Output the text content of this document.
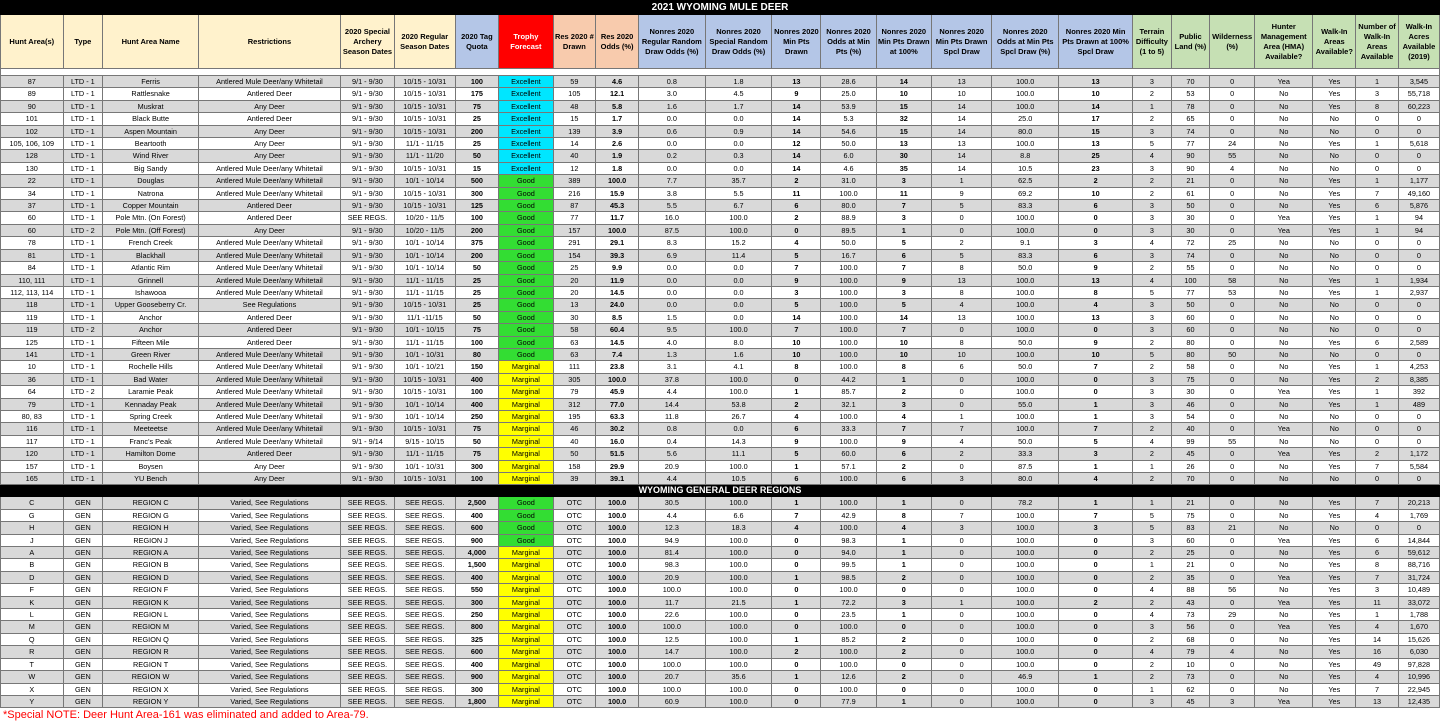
2021 WYOMING MULE DEER																								
Hunt Area(s)	Type	Hunt Area Name	Restrictions	2020 Special Archery Season Dates	2020 Regular Season Dates	2020 Tag Quota	Trophy Forecast	Res 2020 # Drawn	Res 2020 Odds (%)	Nonres 2020 Regular Random Draw Odds (%)	Nonres 2020 Special Random Draw Odds (%)	Nonres 2020 Min Pts Drawn	Nonres 2020 Odds at Min Pts (%)	Nonres 2020 Min Pts Drawn at 100%	Nonres 2020 Min Pts Drawn Spcl Draw	Nonres 2020 Odds at Min Pts Spcl Draw (%)	Nonres 2020 Min Pts Drawn at 100% Spcl Draw	Terrain Difficulty (1 to 5)	Public Land (%)	Wilderness (%)	Hunter Management Area (HMA) Available?	Walk-In Areas Available?	Number of Walk-In Areas Available	Walk-In Acres Available (2019)

87	LTD - 1	Ferris	Antlered Mule Deer/any Whitetail	9/1 - 9/30	10/15 - 10/31	100	Excellent	59	4.6	0.8	1.8	13	28.6	14	13	100.0	13	3	70	0	Yea	Yes	1	3,545
89	LTD - 1	Rattlesnake	Antlered Deer	9/1 - 9/30	10/15 - 10/31	175	Excellent	105	12.1	3.0	4.5	9	25.0	10	10	100.0	10	2	53	0	No	Yes	3	55,718
90	LTD - 1	Muskrat	Any Deer	9/1 - 9/30	10/15 - 10/31	75	Excellent	48	5.8	1.6	1.7	14	53.9	15	14	100.0	14	1	78	0	No	Yes	8	60,223
101	LTD - 1	Black Butte	Antlered Deer	9/1 - 9/30	10/15 - 10/31	25	Excellent	15	1.7	0.0	0.0	14	5.3	32	14	25.0	17	2	65	0	No	No	0	0
102	LTD - 1	Aspen Mountain	Any Deer	9/1 - 9/30	10/15 - 10/31	200	Excellent	139	3.9	0.6	0.9	14	54.6	15	14	80.0	15	3	74	0	No	No	0	0
105, 106, 109	LTD - 1	Beartooth	Any Deer	9/1 - 9/30	11/1 - 11/15	25	Excellent	14	2.6	0.0	0.0	12	50.0	13	13	100.0	13	5	77	24	No	Yes	1	5,618
128	LTD - 1	Wind River	Any Deer	9/1 - 9/30	11/1 - 11/20	50	Excellent	40	1.9	0.2	0.3	14	6.0	30	14	8.8	25	4	90	55	No	No	0	0
130	LTD - 1	Big Sandy	Antlered Mule Deer/any Whitetail	9/1 - 9/30	10/15 - 10/31	15	Excellent	12	1.8	0.0	0.0	14	4.6	35	14	10.5	23	3	90	4	No	No	0	0
22	LTD - 1	Douglas	Antlered Mule Deer/any Whitetail	9/1 - 9/30	10/1 - 10/14	500	Good	389	100.0	7.7	35.7	2	31.0	3	1	62.5	2	2	21	0	No	Yes	1	1,177
34	LTD - 1	Natrona	Antlered Mule Deer/any Whitetail	9/1 - 9/30	10/15 - 10/31	300	Good	216	15.9	3.8	5.5	11	100.0	11	9	69.2	10	2	61	0	No	Yes	7	49,160
37	LTD - 1	Copper Mountain	Antlered Deer	9/1 - 9/30	10/15 - 10/31	125	Good	87	45.3	5.5	6.7	6	80.0	7	5	83.3	6	3	50	0	No	Yes	6	5,876
60	LTD - 1	Pole Mtn. (On Forest)	Antlered Deer	SEE REGS.	10/20 - 11/5	100	Good	77	11.7	16.0	100.0	2	88.9	3	0	100.0	0	3	30	0	Yea	Yes	1	94
60	LTD - 2	Pole Mtn. (Off Forest)	Any Deer	9/1 - 9/30	10/20 - 11/5	200	Good	157	100.0	87.5	100.0	0	89.5	1	0	100.0	0	3	30	0	Yea	Yes	1	94
78	LTD - 1	French Creek	Antlered Mule Deer/any Whitetail	9/1 - 9/30	10/1 - 10/14	375	Good	291	29.1	8.3	15.2	4	50.0	5	2	9.1	3	4	72	25	No	No	0	0
81	LTD - 1	Blackhall	Antlered Mule Deer/any Whitetail	9/1 - 9/30	10/1 - 10/14	200	Good	154	39.3	6.9	11.4	5	16.7	6	5	83.3	6	3	74	0	No	No	0	0
84	LTD - 1	Atlantic Rim	Antlered Mule Deer/any Whitetail	9/1 - 9/30	10/1 - 10/14	50	Good	25	9.9	0.0	0.0	7	100.0	7	8	50.0	9	2	55	0	No	No	0	0
110, 111	LTD - 1	Grinnell	Antlered Mule Deer/any Whitetail	9/1 - 9/30	11/1 - 11/15	25	Good	20	11.9	0.0	0.0	9	100.0	9	13	100.0	13	4	100	58	No	Yes	1	1,934
112, 113, 114	LTD - 1	Ishawooa	Antlered Mule Deer/any Whitetail	9/1 - 9/30	11/1 - 11/15	25	Good	20	14.5	0.0	0.0	3	100.0	3	8	100.0	8	5	77	53	No	Yes	1	2,937
118	LTD - 1	Upper Gooseberry Cr.	See Regulations	9/1 - 9/30	10/15 - 10/31	25	Good	13	24.0	0.0	0.0	5	100.0	5	4	100.0	4	3	50	0	No	No	0	0
119	LTD - 1	Anchor	Antlered Deer	9/1 - 9/30	11/1 -11/15	50	Good	30	8.5	1.5	0.0	14	100.0	14	13	100.0	13	3	60	0	No	No	0	0
119	LTD - 2	Anchor	Antlered Deer	9/1 - 9/30	10/1 - 10/15	75	Good	58	60.4	9.5	100.0	7	100.0	7	0	100.0	0	3	60	0	No	No	0	0
125	LTD - 1	Fifteen Mile	Antlered Deer	9/1 - 9/30	11/1 - 11/15	100	Good	63	14.5	4.0	8.0	10	100.0	10	8	50.0	9	2	80	0	No	Yes	6	2,589
141	LTD - 1	Green River	Antlered Mule Deer/any Whitetail	9/1 - 9/30	10/1 - 10/31	80	Good	63	7.4	1.3	1.6	10	100.0	10	10	100.0	10	5	80	50	No	No	0	0
10	LTD - 1	Rochelle Hills	Antlered Mule Deer/any Whitetail	9/1 - 9/30	10/1 - 10/21	150	Marginal	111	23.8	3.1	4.1	8	100.0	8	6	50.0	7	2	58	0	No	Yes	1	4,253
36	LTD - 1	Bad Water	Antlered Mule Deer/any Whitetail	9/1 - 9/30	10/15 - 10/31	400	Marginal	305	100.0	37.8	100.0	0	44.2	1	0	100.0	0	3	75	0	No	Yes	2	8,385
64	LTD - 2	Laramie Peak	Antlered Mule Deer/any Whitetail	9/1 - 9/30	10/15 - 10/31	100	Marginal	79	45.9	4.4	100.0	1	85.7	2	0	100.0	0	3	30	0	Yea	Yes	1	392
79	LTD - 1	Kennaday Peak	Antlered Mule Deer/any Whitetail	9/1 - 9/30	10/1 - 10/14	400	Marginal	312	77.0	14.4	53.8	2	32.1	3	0	55.0	1	3	46	0	No	Yes	1	489
80, 83	LTD - 1	Spring Creek	Antlered Mule Deer/any Whitetail	9/1 - 9/30	10/1 - 10/14	250	Marginal	195	63.3	11.8	26.7	4	100.0	4	1	100.0	1	3	54	0	No	No	0	0
116	LTD - 1	Meeteetse	Antlered Mule Deer/any Whitetail	9/1 - 9/30	10/15 - 10/31	75	Marginal	46	30.2	0.8	0.0	6	33.3	7	7	100.0	7	2	40	0	Yea	No	0	0
117	LTD - 1	Franc's Peak	Antlered Mule Deer/any Whitetail	9/1 - 9/14	9/15 - 10/15	50	Marginal	40	16.0	0.4	14.3	9	100.0	9	4	50.0	5	4	99	55	No	No	0	0
120	LTD - 1	Hamilton Dome	Antlered Deer	9/1 - 9/30	11/1 - 11/15	75	Marginal	50	51.5	5.6	11.1	5	60.0	6	2	33.3	3	2	45	0	Yea	Yes	2	1,172
157	LTD - 1	Boysen	Any Deer	9/1 - 9/30	10/1 - 10/31	300	Marginal	158	29.9	20.9	100.0	1	57.1	2	0	87.5	1	1	26	0	No	Yes	7	5,584
165	LTD - 1	YU Bench	Any Deer	9/1 - 9/30	10/15 - 10/31	100	Marginal	39	39.1	4.4	10.5	6	100.0	6	3	80.0	4	2	70	0	No	No	0	0
WYOMING GENERAL DEER REGIONS																								
C	GEN	REGION C	Varied, See Regulations	SEE REGS.	SEE REGS.	2,500	Good	OTC	100.0	30.5	100.0	1	100.0	1	0	78.2	1	1	21	0	No	Yes	7	20,213
G	GEN	REGION G	Varied, See Regulations	SEE REGS.	SEE REGS.	400	Good	OTC	100.0	4.4	6.6	7	42.9	8	7	100.0	7	5	75	0	No	Yes	4	1,769
H	GEN	REGION H	Varied, See Regulations	SEE REGS.	SEE REGS.	600	Good	OTC	100.0	12.3	18.3	4	100.0	4	3	100.0	3	5	83	21	No	No	0	0
J	GEN	REGION J	Varied, See Regulations	SEE REGS.	SEE REGS.	900	Good	OTC	100.0	94.9	100.0	0	98.3	1	0	100.0	0	3	60	0	Yea	Yes	6	14,844
A	GEN	REGION A	Varied, See Regulations	SEE REGS.	SEE REGS.	4,000	Marginal	OTC	100.0	81.4	100.0	0	94.0	1	0	100.0	0	2	25	0	No	Yes	6	59,612
B	GEN	REGION B	Varied, See Regulations	SEE REGS.	SEE REGS.	1,500	Marginal	OTC	100.0	98.3	100.0	0	99.5	1	0	100.0	0	1	21	0	No	Yes	8	88,716
D	GEN	REGION D	Varied, See Regulations	SEE REGS.	SEE REGS.	400	Marginal	OTC	100.0	20.9	100.0	1	98.5	2	0	100.0	0	2	35	0	Yea	Yes	7	31,724
F	GEN	REGION F	Varied, See Regulations	SEE REGS.	SEE REGS.	550	Marginal	OTC	100.0	100.0	100.0	0	100.0	0	0	100.0	0	4	88	56	No	Yes	3	10,489
K	GEN	REGION K	Varied, See Regulations	SEE REGS.	SEE REGS.	300	Marginal	OTC	100.0	11.7	21.5	1	72.2	3	1	100.0	2	2	43	0	Yea	Yes	11	33,072
L	GEN	REGION L	Varied, See Regulations	SEE REGS.	SEE REGS.	250	Marginal	OTC	100.0	22.6	100.0	0	23.5	1	0	100.0	0	4	73	29	No	Yes	1	1,788
M	GEN	REGION M	Varied, See Regulations	SEE REGS.	SEE REGS.	800	Marginal	OTC	100.0	100.0	100.0	0	100.0	0	0	100.0	0	3	56	0	Yea	Yes	4	1,670
Q	GEN	REGION Q	Varied, See Regulations	SEE REGS.	SEE REGS.	325	Marginal	OTC	100.0	12.5	100.0	1	85.2	2	0	100.0	0	2	68	0	No	Yes	14	15,626
R	GEN	REGION R	Varied, See Regulations	SEE REGS.	SEE REGS.	600	Marginal	OTC	100.0	14.7	100.0	2	100.0	2	0	100.0	0	4	79	4	No	Yes	16	6,030
T	GEN	REGION T	Varied, See Regulations	SEE REGS.	SEE REGS.	400	Marginal	OTC	100.0	100.0	100.0	0	100.0	0	0	100.0	0	2	10	0	No	Yes	49	97,828
W	GEN	REGION W	Varied, See Regulations	SEE REGS.	SEE REGS.	900	Marginal	OTC	100.0	20.7	35.6	1	12.6	2	0	46.9	1	2	73	0	No	Yes	4	10,996
X	GEN	REGION X	Varied, See Regulations	SEE REGS.	SEE REGS.	300	Marginal	OTC	100.0	100.0	100.0	0	100.0	0	0	100.0	0	1	62	0	No	Yes	7	22,945
Y	GEN	REGION Y	Varied, See Regulations	SEE REGS.	SEE REGS.	1,800	Marginal	OTC	100.0	60.9	100.0	0	77.9	1	0	100.0	0	3	45	3	Yea	Yes	13	12,435
*Special NOTE: Deer Hunt Area-161 was eliminated and added to Area-79.
